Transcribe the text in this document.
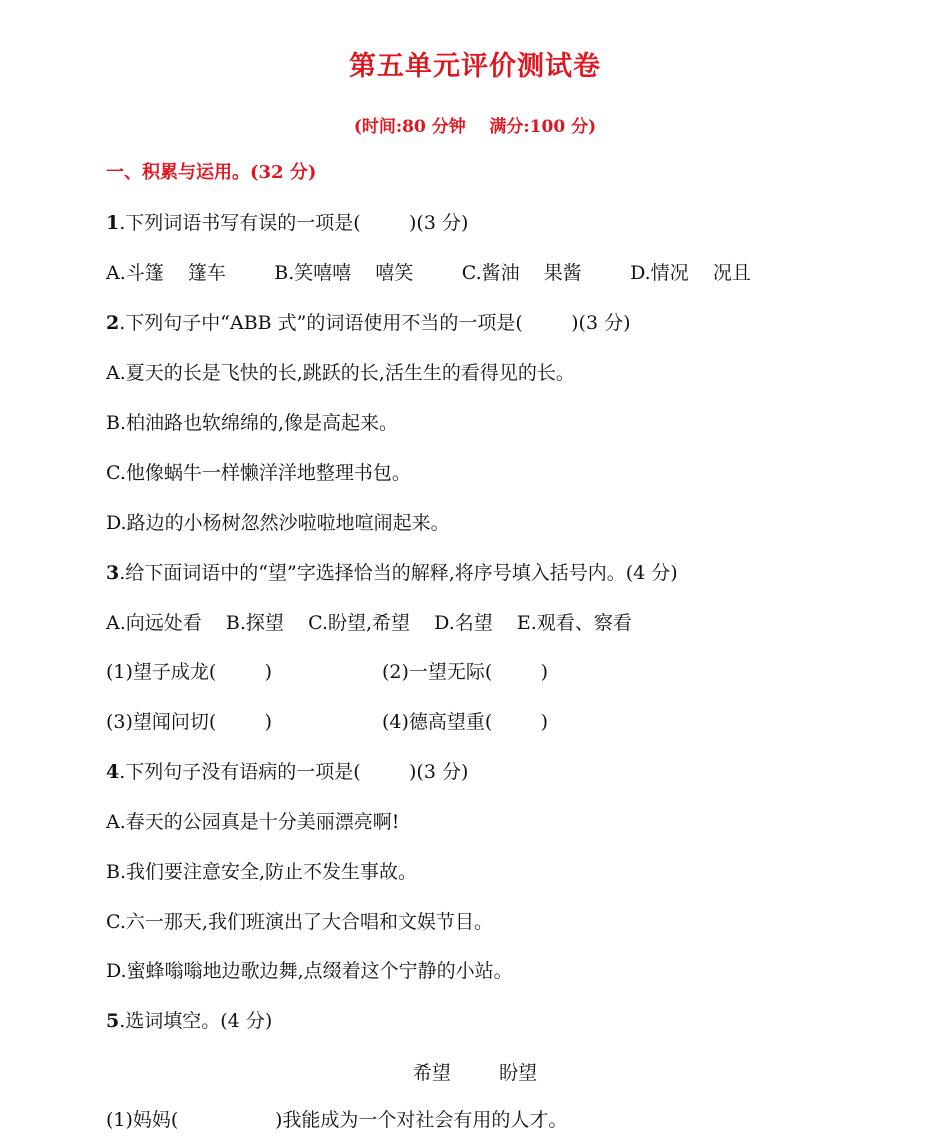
第五单元评价测试卷
(时间:80 分钟    满分:100 分)
一、积累与运用。(32 分)
1.下列词语书写有误的一项是(        )(3 分)
A.斗篷    篷车        B.笑嘻嘻    嘻笑        C.酱油    果酱        D.情况    况且
2.下列句子中“ABB 式”的词语使用不当的一项是(        )(3 分)
A.夏天的长是飞快的长,跳跃的长,活生生的看得见的长。
B.柏油路也软绵绵的,像是高起来。
C.他像蜗牛一样懒洋洋地整理书包。
D.路边的小杨树忽然沙啦啦地喧闹起来。
3.给下面词语中的“望”字选择恰当的解释,将序号填入括号内。(4 分)
A.向远处看    B.探望    C.盼望,希望    D.名望    E.观看、察看
(1)望子成龙(        )	(2)一望无际(        )
(3)望闻问切(        )	(4)德高望重(        )
4.下列句子没有语病的一项是(        )(3 分)
A.春天的公园真是十分美丽漂亮啊!
B.我们要注意安全,防止不发生事故。
C.六一那天,我们班演出了大合唱和文娱节目。
D.蜜蜂嗡嗡地边歌边舞,点缀着这个宁静的小站。
5.选词填空。(4 分)
希望        盼望
(1)妈妈(                )我能成为一个对社会有用的人才。
